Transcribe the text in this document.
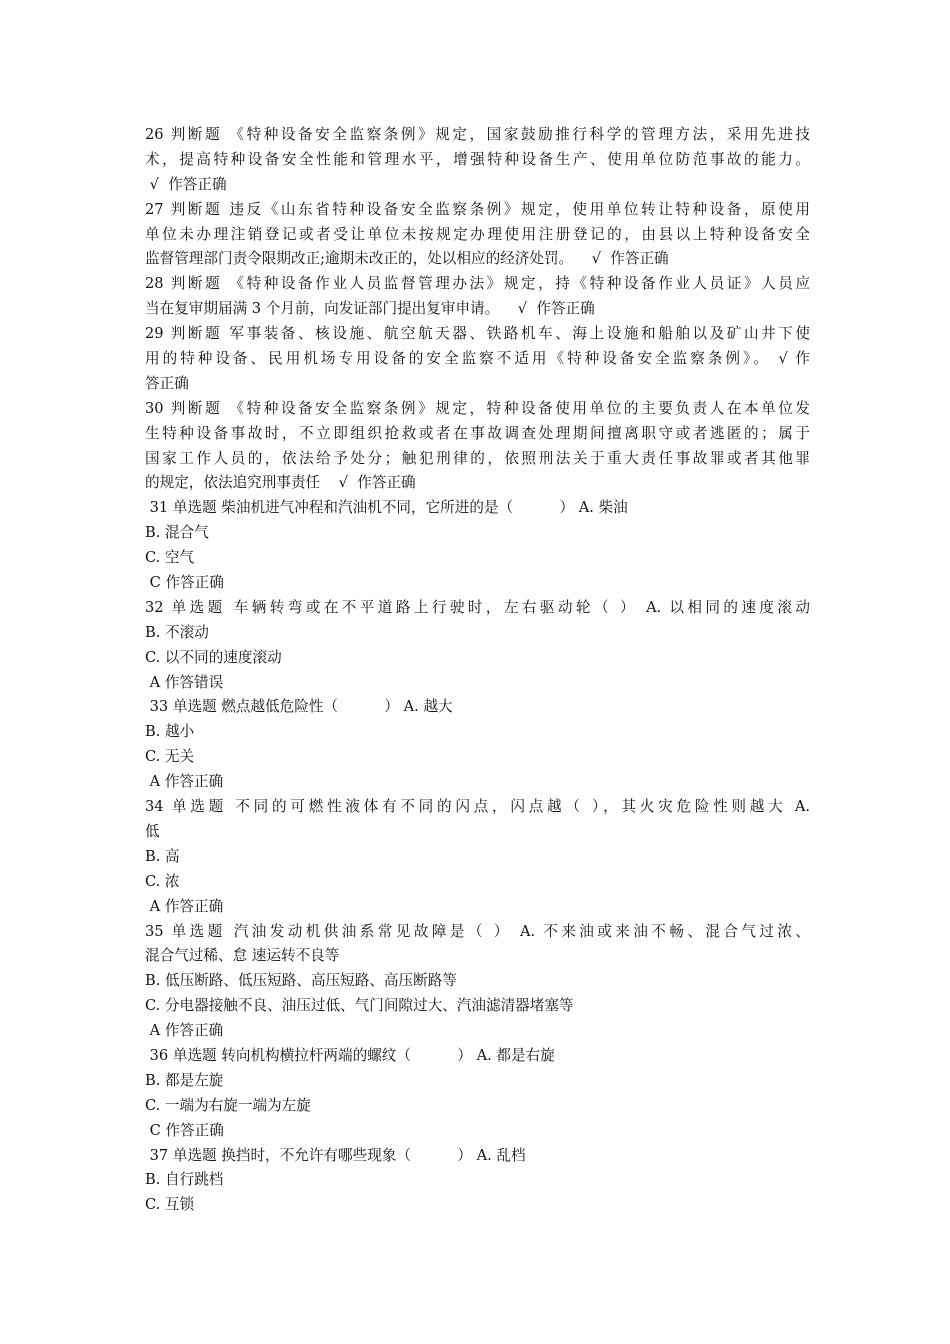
26 判断题 《特种设备安全监察条例》规定，国家鼓励推行科学的管理方法，采用先进技

术，提高特种设备安全性能和管理水平，增强特种设备生产、使用单位防范事故的能力。

√  作答正确

27 判断题 违反《山东省特种设备安全监察条例》规定，使用单位转让特种设备，原使用

单位未办理注销登记或者受让单位未按规定办理使用注册登记的，由县以上特种设备安全

监督管理部门责令限期改正;逾期未改正的，处以相应的经济处罚。    √  作答正确

28 判断题 《特种设备作业人员监督管理办法》规定，持《特种设备作业人员证》人员应

当在复审期届满 3 个月前，向发证部门提出复审申请。    √  作答正确

29 判断题 军事装备、核设施、航空航天器、铁路机车、海上设施和船舶以及矿山井下使

用的特种设备、民用机场专用设备的安全监察不适用《特种设备安全监察条例》。 √ 作

答正确

30 判断题 《特种设备安全监察条例》规定，特种设备使用单位的主要负责人在本单位发

生特种设备事故时，不立即组织抢救或者在事故调查处理期间擅离职守或者逃匿的；属于

国家工作人员的，依法给予处分；触犯刑律的，依照刑法关于重大责任事故罪或者其他罪

的规定，依法追究刑事责任    √  作答正确

31 单选题 柴油机进气冲程和汽油机不同，它所进的是（          ） A. 柴油

B. 混合气

C. 空气

C 作答正确

32 单选题 车辆转弯或在不平道路上行驶时，左右驱动轮（ ） A. 以相同的速度滚动

B. 不滚动

C. 以不同的速度滚动

A 作答错误

33 单选题 燃点越低危险性（          ） A. 越大

B. 越小

C. 无关

A 作答正确

34 单选题 不同的可燃性液体有不同的闪点，闪点越（ ），其火灾危险性则越大 A.

低

B. 高

C. 浓

A 作答正确

35 单选题 汽油发动机供油系常见故障是（ ） A. 不来油或来油不畅、混合气过浓、

混合气过稀、怠 速运转不良等

B. 低压断路、低压短路、高压短路、高压断路等

C. 分电器接触不良、油压过低、气门间隙过大、汽油滤清器堵塞等

A 作答正确

36 单选题 转向机构横拉杆两端的螺纹（          ） A. 都是右旋

B. 都是左旋

C. 一端为右旋一端为左旋

C 作答正确

37 单选题 换挡时，不允许有哪些现象（          ） A. 乱档

B. 自行跳档

C. 互锁
